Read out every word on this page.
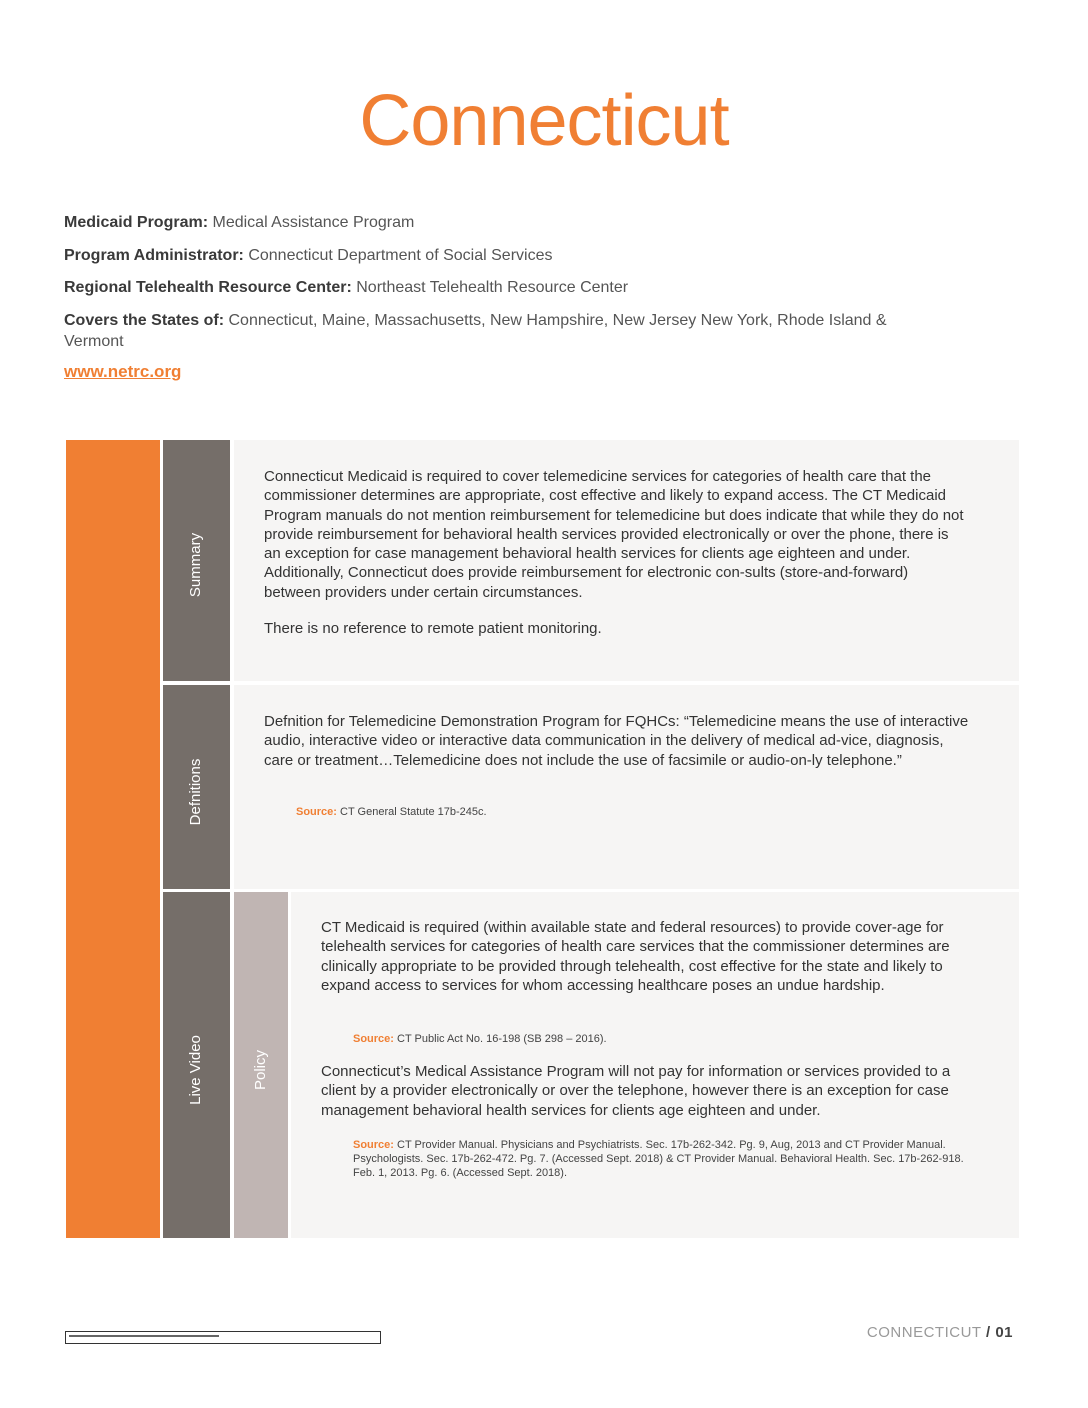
Connecticut
Medicaid Program: Medical Assistance Program
Program Administrator: Connecticut Department of Social Services
Regional Telehealth Resource Center: Northeast Telehealth Resource Center
Covers the States of: Connecticut, Maine, Massachusetts, New Hampshire, New Jersey New York, Rhode Island & Vermont
www.netrc.org
Medicaid Telehealth Reimbursement
Summary
Connecticut Medicaid is required to cover telemedicine services for categories of health care that the commissioner determines are appropriate, cost effective and likely to expand access. The CT Medicaid Program manuals do not mention reimbursement for telemedicine but does indicate that while they do not provide reimbursement for behavioral health services provided electronically or over the phone, there is an exception for case management behavioral health services for clients age eighteen and under. Additionally, Connecticut does provide reimbursement for electronic con-sults (store-and-forward) between providers under certain circumstances.
There is no reference to remote patient monitoring.
Defnitions
Defnition for Telemedicine Demonstration Program for FQHCs: “Telemedicine means the use of interactive audio, interactive video or interactive data communication in the delivery of medical ad-vice, diagnosis, care or treatment…Telemedicine does not include the use of facsimile or audio-on-ly telephone.”
Source: CT General Statute 17b-245c.
Live Video	Policy
CT Medicaid is required (within available state and federal resources) to provide cover-age for telehealth services for categories of health care services that the commissioner determines are clinically appropriate to be provided through telehealth, cost effective for the state and likely to expand access to services for whom accessing healthcare poses an undue hardship.
Source: CT Public Act No. 16-198 (SB 298 – 2016).
Connecticut’s Medical Assistance Program will not pay for information or services provided to a client by a provider electronically or over the telephone, however there is an exception for case management behavioral health services for clients age eighteen and under.
Source: CT Provider Manual. Physicians and Psychiatrists. Sec. 17b-262-342. Pg. 9, Aug, 2013 and CT Provider Manual. Psychologists. Sec. 17b-262-472. Pg. 7. (Accessed Sept. 2018) & CT Provider Manual. Behavioral Health. Sec. 17b-262-918. Feb. 1, 2013. Pg. 6. (Accessed Sept. 2018).
CONNECTICUT / 01
